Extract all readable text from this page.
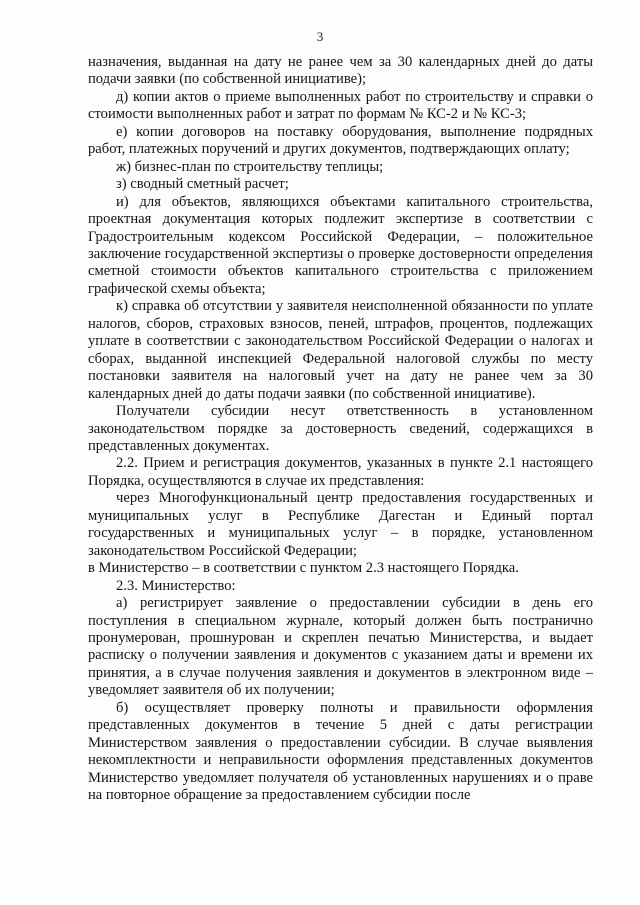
3

назначения, выданная на дату не ранее чем за 30 календарных дней до даты подачи заявки (по собственной инициативе);

д) копии актов о приеме выполненных работ по строительству и справки о стоимости выполненных работ и затрат по формам № КС-2 и № КС-3;

е) копии договоров на поставку оборудования, выполнение подрядных работ, платежных поручений и других документов, подтверждающих оплату;

ж) бизнес-план по строительству теплицы;

з) сводный сметный расчет;

и) для объектов, являющихся объектами капитального строительства, проектная документация которых подлежит экспертизе в соответствии с Градостроительным кодексом Российской Федерации, – положительное заключение государственной экспертизы о проверке достоверности определения сметной стоимости объектов капитального строительства с приложением графической схемы объекта;

к) справка об отсутствии у заявителя неисполненной обязанности по уплате налогов, сборов, страховых взносов, пеней, штрафов, процентов, подлежащих уплате в соответствии с законодательством Российской Федерации о налогах и сборах, выданной инспекцией Федеральной налоговой службы по месту постановки заявителя на налоговый учет на дату не ранее чем за 30 календарных дней до даты подачи заявки (по собственной инициативе).

Получатели субсидии несут ответственность в установленном законодательством порядке за достоверность сведений, содержащихся в представленных документах.

2.2. Прием и регистрация документов, указанных в пункте 2.1 настоящего Порядка, осуществляются в случае их представления:

через Многофункциональный центр предоставления государственных и муниципальных услуг в Республике Дагестан и Единый портал государственных и муниципальных услуг – в порядке, установленном законодательством Российской Федерации;

в Министерство – в соответствии с пунктом 2.3 настоящего Порядка.

2.3. Министерство:

а) регистрирует заявление о предоставлении субсидии в день его поступления в специальном журнале, который должен быть постранично пронумерован, прошнурован и скреплен печатью Министерства, и выдает расписку о получении заявления и документов с указанием даты и времени их принятия, а в случае получения заявления и документов в электронном виде – уведомляет заявителя об их получении;

б) осуществляет проверку полноты и правильности оформления представленных документов в течение 5 дней с даты регистрации Министерством заявления о предоставлении субсидии. В случае выявления некомплектности и неправильности оформления представленных документов Министерство уведомляет получателя об установленных нарушениях и о праве на повторное обращение за предоставлением субсидии после
